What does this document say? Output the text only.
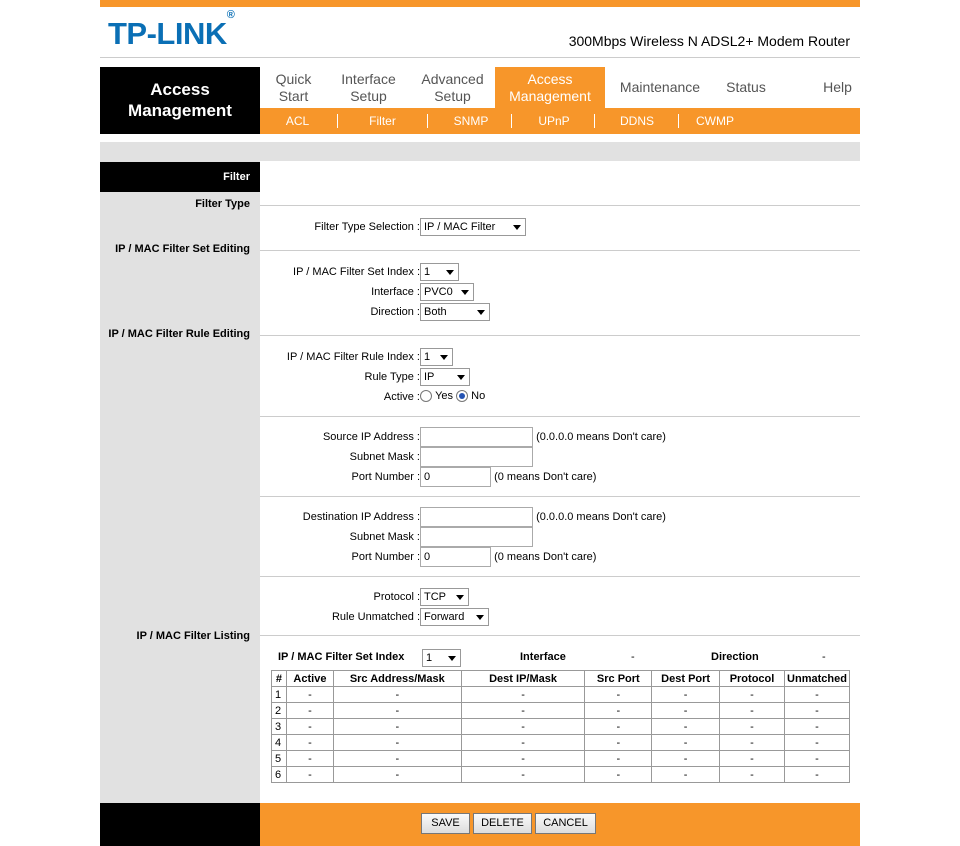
TP-LINK®
300Mbps Wireless N ADSL2+ Modem Router
Access
Management
Quick
Start
Interface
Setup
Advanced
Setup
Access
Management
Maintenance	Status	Help
ACL	Filter	SNMP	UPnP	DDNS	CWMP
Filter
Filter Type
IP / MAC Filter Set Editing
IP / MAC Filter Rule Editing
IP / MAC Filter Listing
Filter Type Selection : IP / MAC Filter
IP / MAC Filter Set Index : 1
Interface : PVC0
Direction : Both
IP / MAC Filter Rule Index : 1
Rule Type : IP
Active :	Yes No
Source IP Address :	(0.0.0.0 means Don't care)
Subnet Mask :
Port Number : 0	(0 means Don't care)
Destination IP Address :	(0.0.0.0 means Don't care)
Subnet Mask :
Port Number : 0	(0 means Don't care)
Protocol : TCP
Rule Unmatched : Forward
IP / MAC Filter Set Index	1	Interface	-	Direction	-
#	Active	Src Address/Mask	Dest IP/Mask	Src Port	Dest Port	Protocol	Unmatched
1	-	-	-	-	-	-	-
2	-	-	-	-	-	-	-
3	-	-	-	-	-	-	-
4	-	-	-	-	-	-	-
5	-	-	-	-	-	-	-
6	-	-	-	-	-	-	-
SAVE	DELETE	CANCEL
